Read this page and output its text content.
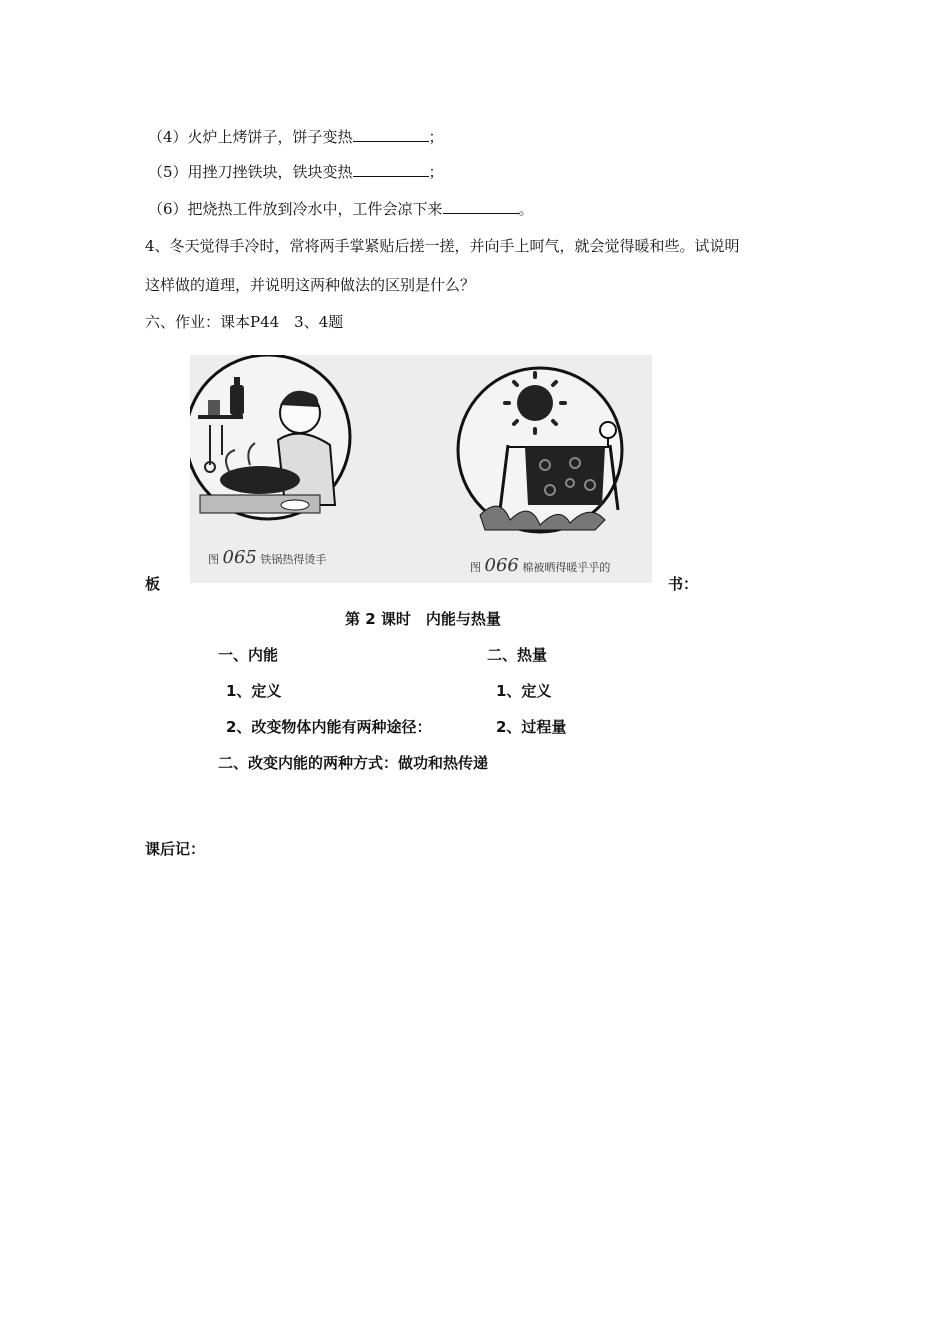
（4）火炉上烤饼子，饼子变热	；
（5）用挫刀挫铁块，铁块变热	；
（6）把烧热工件放到冷水中，工件会凉下来	。
4、冬天觉得手冷时，常将两手掌紧贴后搓一搓，并向手上呵气，就会觉得暖和些。试说明
这样做的道理，并说明这两种做法的区别是什么？
六、作业：课本P44　3、4题
图 065 铁锅热得烫手
图 066 棉被晒得暖乎乎的
板	书：
第 2 课时　内能与热量
一、内能	二、热量
1、定义	1、定义
2、改变物体内能有两种途径：	2、过程量
二、改变内能的两种方式：做功和热传递
课后记：
